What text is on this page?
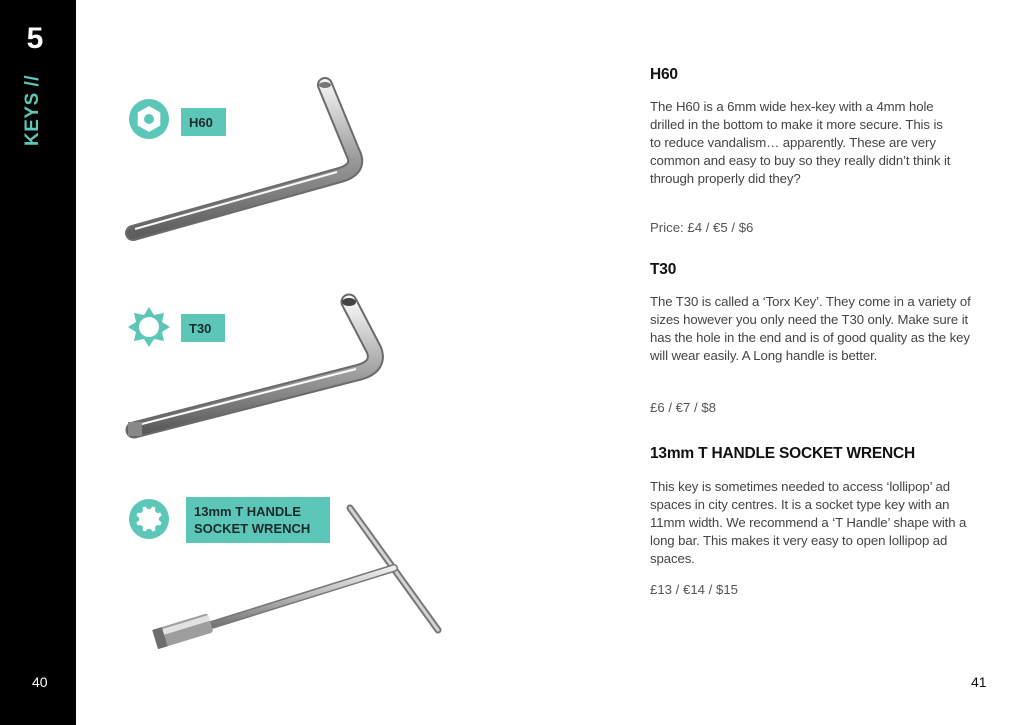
5
KEYS //
40
H60
T30
13mm T HANDLE
SOCKET WRENCH
H60
The H60 is a 6mm wide hex-key with a 4mm hole drilled in the bottom to make it more secure. This is to reduce vandalism… apparently. These are very common and easy to buy so they really didn’t think it through properly did they?
Price: £4 / €5 / $6
T30
The T30 is called a ‘Torx Key’. They come in a variety of sizes however you only need the T30 only. Make sure it has the hole in the end and is of good quality as the key will wear easily. A Long handle is better.
£6 / €7 / $8
13mm T HANDLE SOCKET WRENCH
This key is sometimes needed to access ‘lollipop’ ad spaces in city centres. It is a socket type key with an 11mm width. We recommend a ‘T Handle’ shape with a long bar. This makes it very easy to open lollipop ad spaces.
£13 / €14 / $15
41
